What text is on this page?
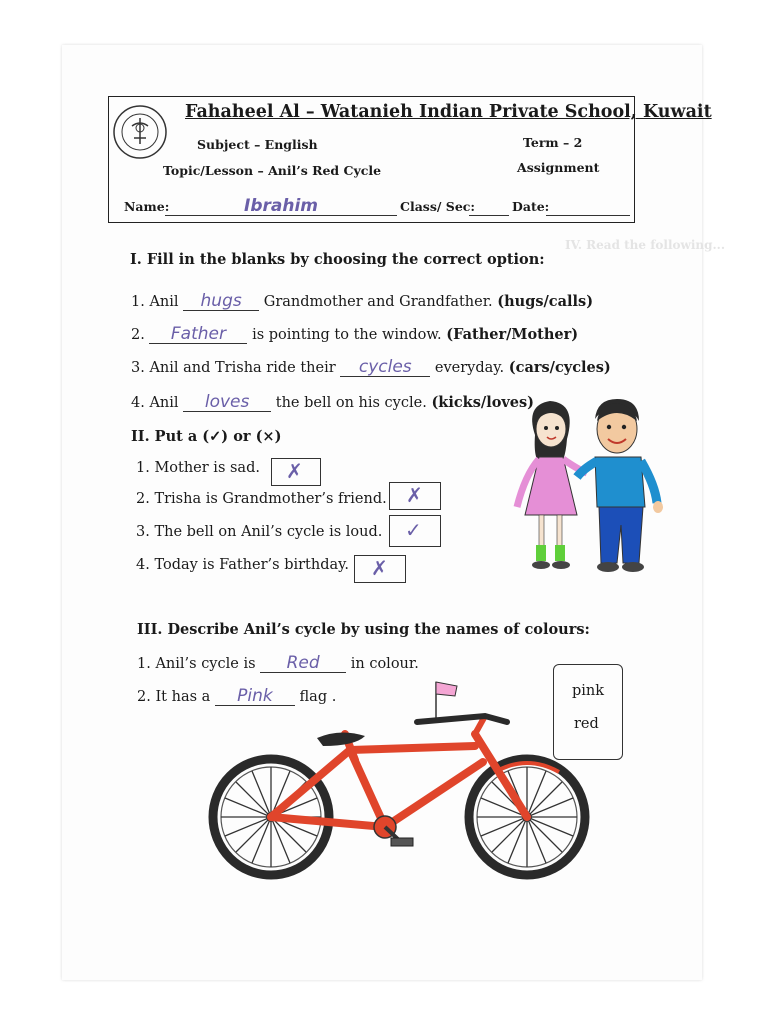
Fahaheel Al – Watanieh Indian Private School, Kuwait
Subject – English	Term – 2
Topic/Lesson – Anil’s Red Cycle	Assignment
Name:	Ibrahim	Class/ Sec:
	Date:

IV. Read the following...
I. Fill in the blanks by choosing the correct option:
1. Anil hugs Grandmother and Grandfather. (hugs/calls)
2. Father is pointing to the window. (Father/Mother)
3. Anil and Trisha ride their cycles everyday. (cars/cycles)
4. Anil loves the bell on his cycle. (kicks/loves)
II. Put a (✓) or (×)
1. Mother is sad. ✗
2. Trisha is Grandmother’s friend. ✗
3. The bell on Anil’s cycle is loud. ✓
4. Today is Father’s birthday. ✗
III. Describe Anil’s cycle by using the names of colours:
1. Anil’s cycle is Red in colour.
2. It has a Pink flag .	pink
red
